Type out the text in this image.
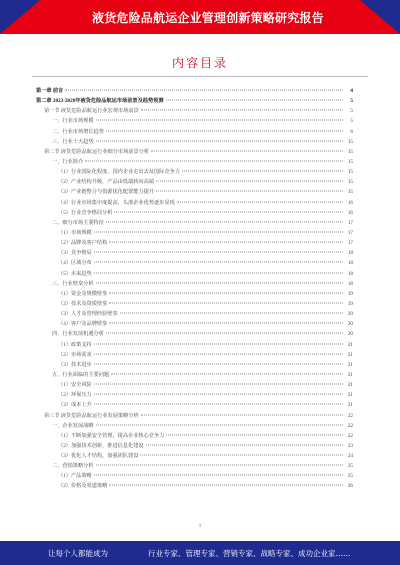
液货危险品航运企业管理创新策略研究报告
内容目录
第一章 前言	4
第二章 2023-2028年液货危险品航运市场前景及趋势预测	5
第一节 液货危险品航运行业宏观市场前景	5
一、行业市场规模	5
二、行业市场增长趋势	6
三、行业十大趋势	15
第二节 液货危险品航运行业细分市场前景分析	15
一、行业简介	15
（1）行业国际化程度，国内企业走出去及国际竞争力	15
（2）产业结构升级，产品由低端转向高端	15
（3）产业链整合与资源优化配置能力提升	15
（4）行业市场集中度提高，头部企业优势逐步显现	16
（5）行业竞争格局分析	16
二、细分市场主要特征	17
（1）市场规模	17
（2）品牌及客户结构	17
（3）竞争格局	18
（4）区域分布	18
（5）未来趋势	18
三、行业壁垒分析	18
（1）资金及规模壁垒	19
（2）技术及资质壁垒	19
（3）人才及管理经验壁垒	20
（4）客户及品牌壁垒	20
四、行业发展机遇分析	20
（1）政策支持	21
（2）市场需求	21
（3）技术进步	21
五、行业面临的主要问题	21
（1）安全风险	21
（2）环保压力	21
（3）成本上升	21
第三节 液货危险品航运行业发展策略分析	22
一、企业发展战略	22
（1）不断加强安全管理，提高企业核心竞争力	22
（2）加强技术创新，推进信息化建设	23
（3）优化人才结构，加强团队建设	24
二、营销策略分析	25
（1）产品策略	25
（2）价格及渠道策略	26
1
让每个人都能成为	行业专家、管理专家、营销专家、战略专家、成功企业家……
